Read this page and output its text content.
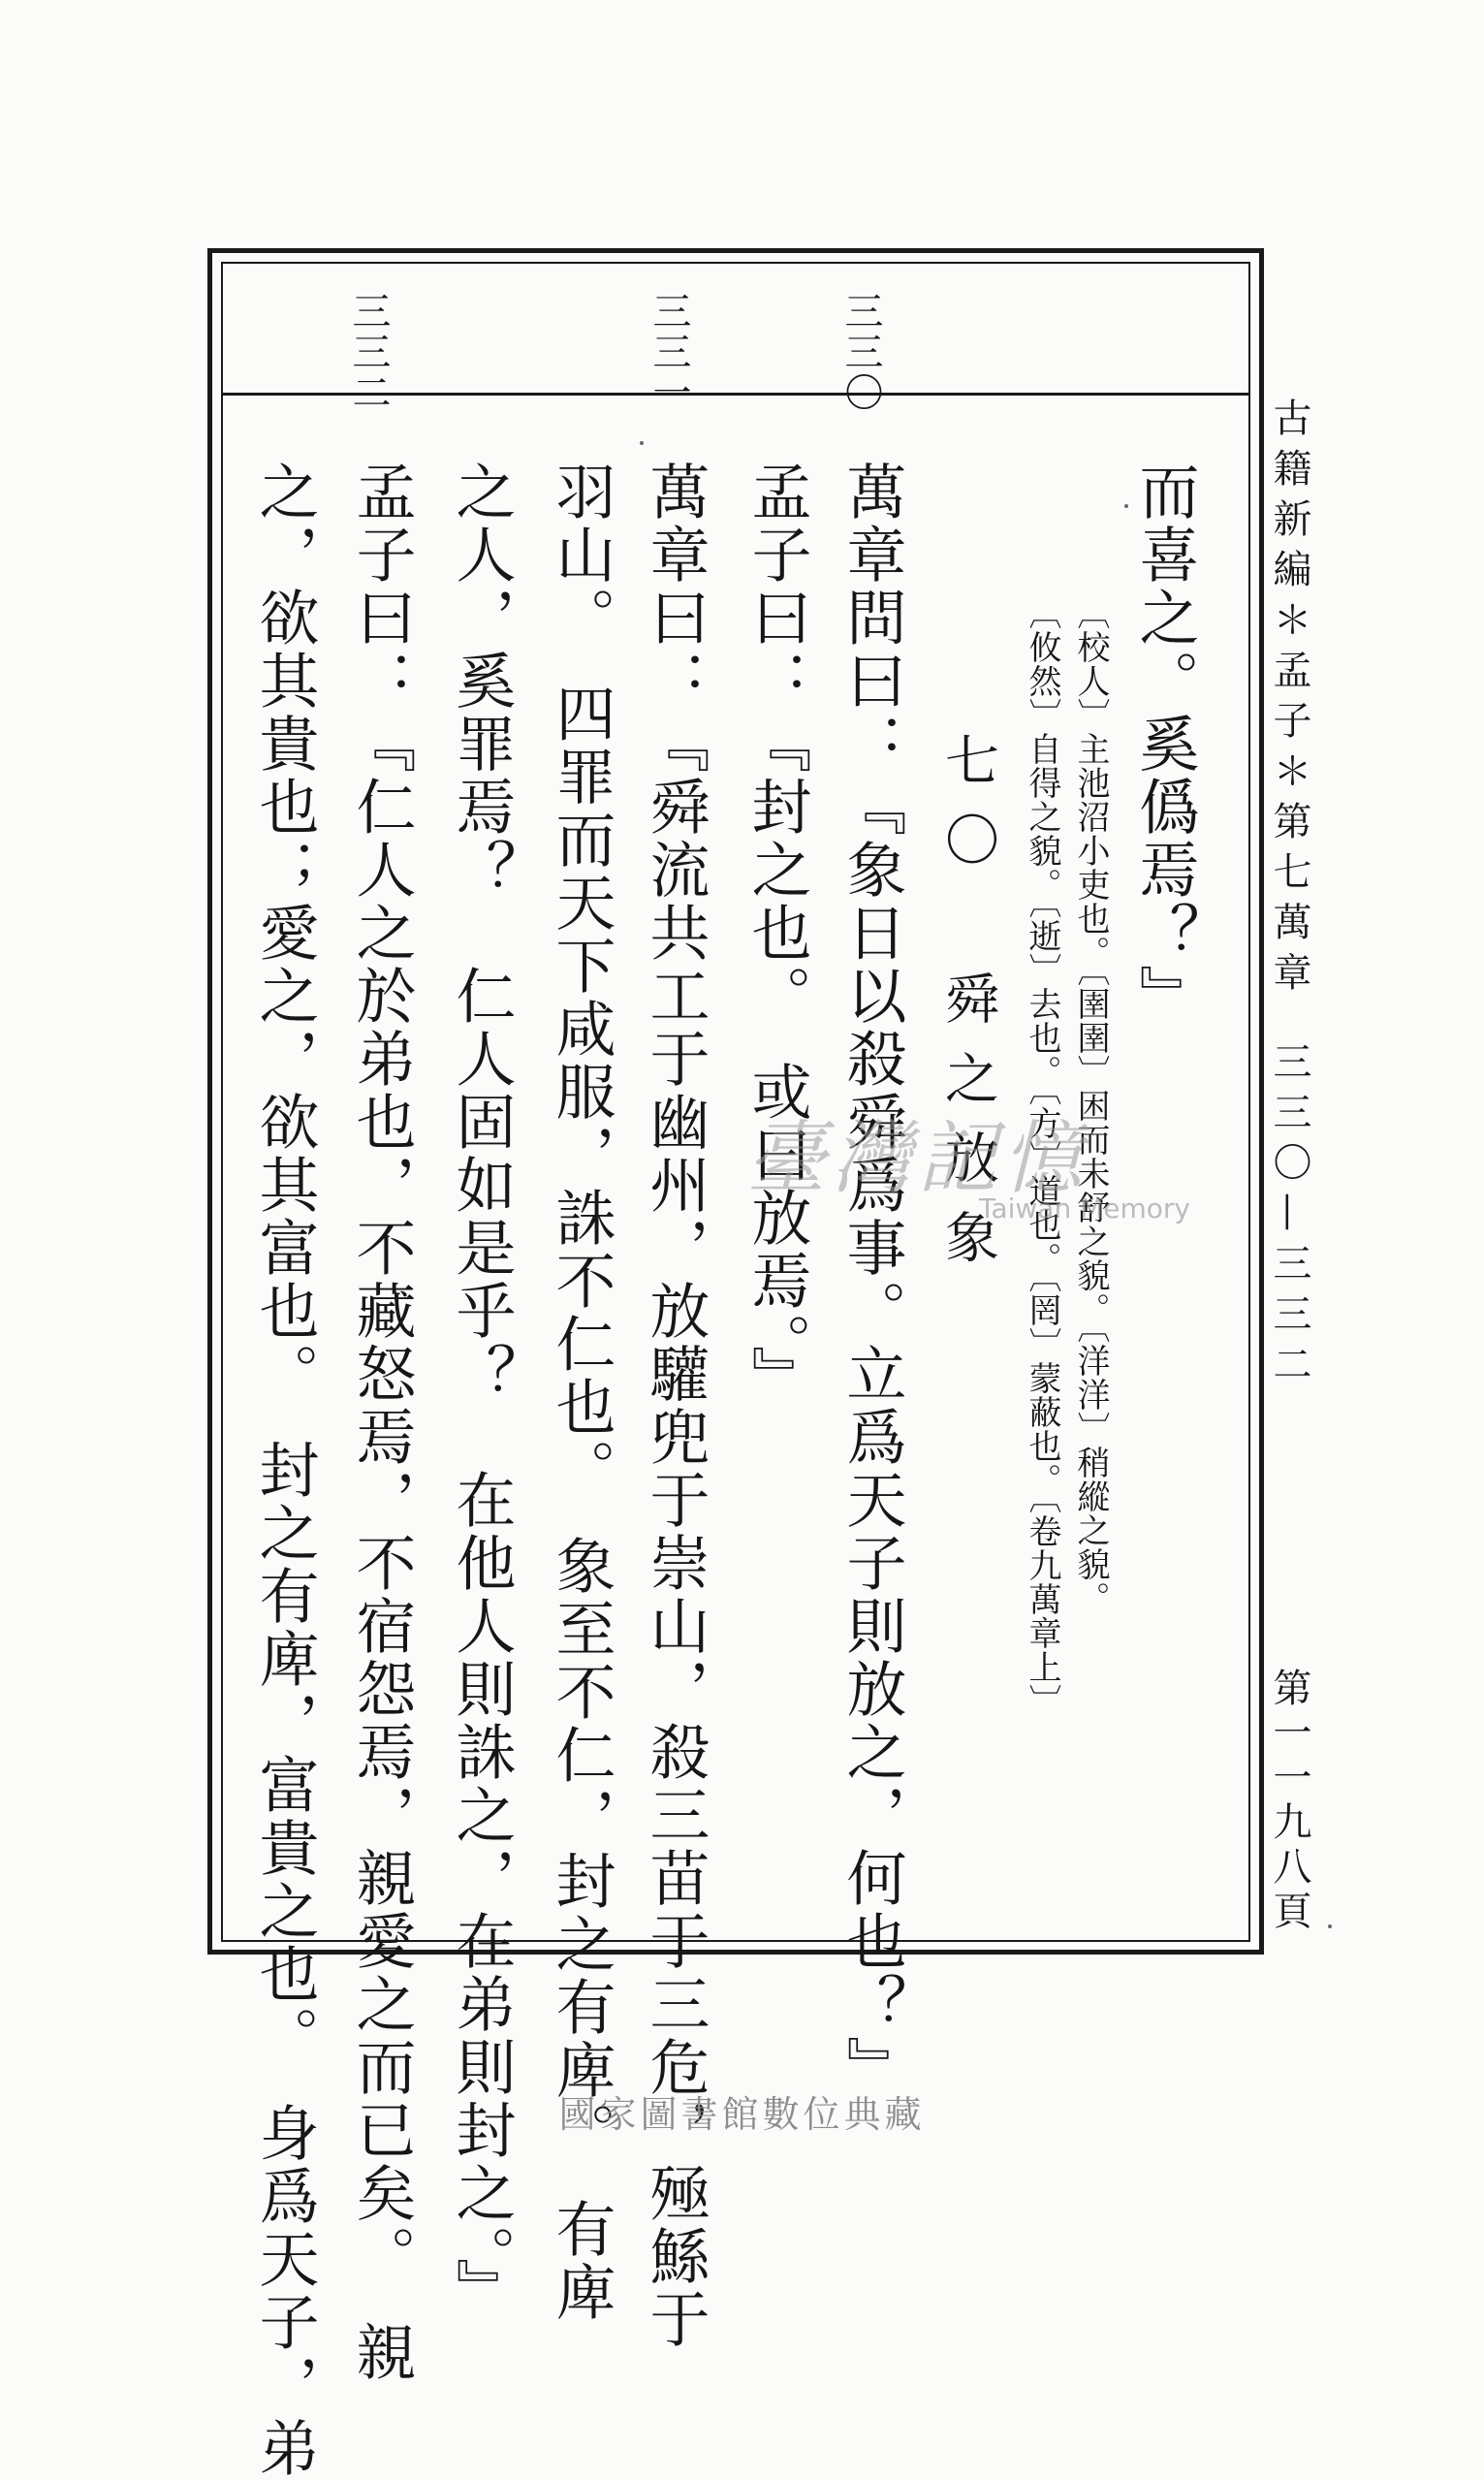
三三〇
三三一
三三二
古籍新編＊孟子＊第七萬章三三〇—三三二
第一一九八頁
而喜之。奚僞焉？』
〔校人〕主池沼小吏也。〔圉圉〕困而未舒之貌。〔洋洋〕稍縱之貌。
〔攸然〕自得之貌。〔逝〕去也。〔方〕道也。〔罔〕蒙蔽也。〔卷九萬章上〕
七〇　舜之放象
萬章問曰：『象日以殺舜爲事。立爲天子則放之，何也？』
孟子曰：『封之也。　或曰放焉。』
萬章曰：『舜流共工于幽州，放驩兜于崇山，殺三苗于三危，殛鯀于
羽山。　四罪而天下咸服，誅不仁也。　象至不仁，封之有庳。　有庳
之人，奚罪焉？　仁人固如是乎？　在他人則誅之，在弟則封之。』
孟子曰：『仁人之於弟也，不藏怒焉，不宿怨焉，親愛之而已矣。　親
之，欲其貴也；愛之，欲其富也。　封之有庳，富貴之也。　身爲天子，弟	臺灣記憶
Taiwan Memory
國家圖書館數位典藏
